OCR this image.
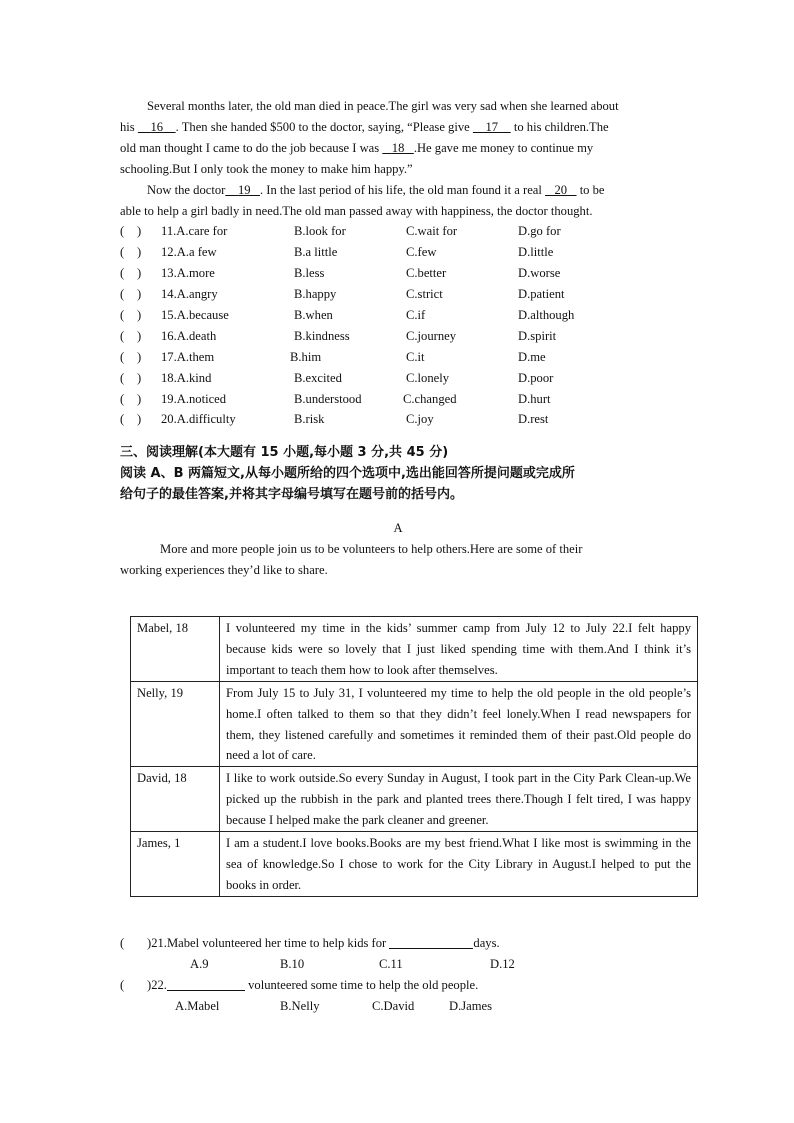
Several months later, the old man died in peace.The girl was very sad when she learned about
his 16 . Then she handed $500 to the doctor, saying, “Please give 17 to his children.The
old man thought I came to do the job because I was 18 .He gave me money to continue my
schooling.But I only took the money to make him happy.”

Now the doctor 19 . In the last period of his life, the old man found it a real 20 to be
able to help a girl badly in need.The old man passed away with happiness, the doctor thought.

(	) 11.A.care for	B.look for	C.wait for	D.go for
(	) 12.A.a few	B.a little	C.few	D.little
(	) 13.A.more	B.less	C.better	D.worse
(	) 14.A.angry	B.happy	C.strict	D.patient
(	) 15.A.because	B.when	C.if	D.although
(	) 16.A.death	B.kindness	C.journey	D.spirit
(	) 17.A.them	B.him	C.it	D.me
(	) 18.A.kind	B.excited	C.lonely	D.poor
(	) 19.A.noticed	B.understood	C.changed	D.hurt
(	) 20.A.difficulty	B.risk	C.joy	D.rest

三、阅读理解(本大题有 15 小题,每小题 3 分,共 45 分)

阅读 A、B 两篇短文,从每小题所给的四个选项中,选出能回答所提问题或完成所

给句子的最佳答案,并将其字母编号填写在题号前的括号内。

A

More and more people join us to be volunteers to help others.Here are some of their
working experiences they’d like to share.

Mabel, 18	I volunteered my time in the kids’ summer camp from July 12 to July 22.I felt happy because kids were so lovely that I just liked spending time with them.And I think it’s important to teach them how to look after themselves.
Nelly, 19	From July 15 to July 31, I volunteered my time to help the old people in the old people’s home.I often talked to them so that they didn’t feel lonely.When I read newspapers for them, they listened carefully and sometimes it reminded them of their past.Old people do need a lot of care.
David, 18	I like to work outside.So every Sunday in August, I took part in the City Park Clean-up.We picked up the rubbish in the park and planted trees there.Though I felt tired, I was happy because I helped make the park cleaner and greener.
James, 1	I am a student.I love books.Books are my best friend.What I like most is swimming in the sea of knowledge.So I chose to work for the City Library in August.I helped to put the books in order.
( )21.Mabel volunteered her time to help kids for	days.
A.9	B.10	C.11	D.12
( )22.	volunteered some time to help the old people.
A.Mabel	B.Nelly	C.David	D.James
